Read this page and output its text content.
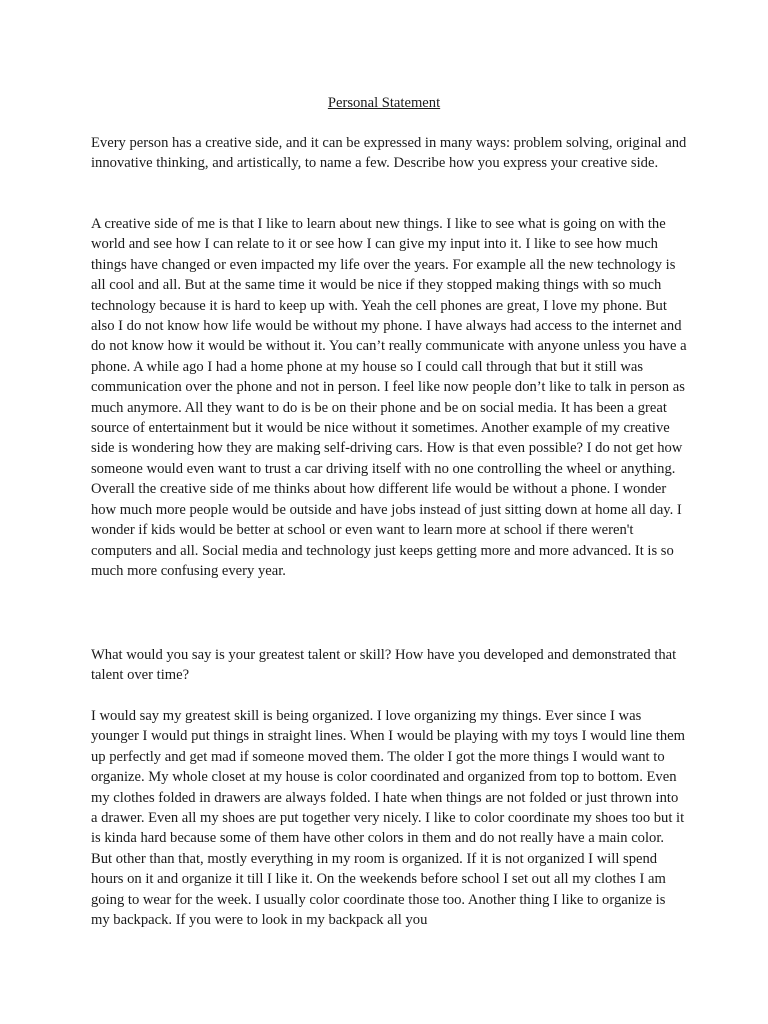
Personal Statement

Every person has a creative side, and it can be expressed in many ways: problem solving, original and innovative thinking, and artistically, to name a few. Describe how you express your creative side.

A creative side of me is that I like to learn about new things. I like to see what is going on with the world and see how I can relate to it or see how I can give my input into it. I like to see how much things have changed or even impacted my life over the years. For example all the new technology is all cool and all. But at the same time it would be nice if they stopped making things with so much technology because it is hard to keep up with. Yeah the cell phones are great, I love my phone. But also I do not know how life would be without my phone. I have always had access to the internet and do not know how it would be without it. You can’t really communicate with anyone unless you have a phone. A while ago I had a home phone at my house so I could call through that but it still was communication over the phone and not in person. I feel like now people don’t like to talk in person as much anymore. All they want to do is be on their phone and be on social media. It has been a great source of entertainment but it would be nice without it sometimes. Another example of my creative side is wondering how they are making self-driving cars. How is that even possible? I do not get how someone would even want to trust a car driving itself with no one controlling the wheel or anything. Overall the creative side of me thinks about how different life would be without a phone. I wonder how much more people would be outside and have jobs instead of just sitting down at home all day. I wonder if kids would be better at school or even want to learn more at school if there weren't computers and all. Social media and technology just keeps getting more and more advanced. It is so much more confusing every year.

What would you say is your greatest talent or skill? How have you developed and demonstrated that talent over time?

I would say my greatest skill is being organized. I love organizing my things. Ever since I was younger I would put things in straight lines. When I would be playing with my toys I would line them up perfectly and get mad if someone moved them. The older I got the more things I would want to organize. My whole closet at my house is color coordinated and organized from top to bottom. Even my clothes folded in drawers are always folded. I hate when things are not folded or just thrown into a drawer. Even all my shoes are put together very nicely. I like to color coordinate my shoes too but it is kinda hard because some of them have other colors in them and do not really have a main color. But other than that, mostly everything in my room is organized. If it is not organized I will spend hours on it and organize it till I like it. On the weekends before school I set out all my clothes I am going to wear for the week. I usually color coordinate those too. Another thing I like to organize is my backpack. If you were to look in my backpack all you
